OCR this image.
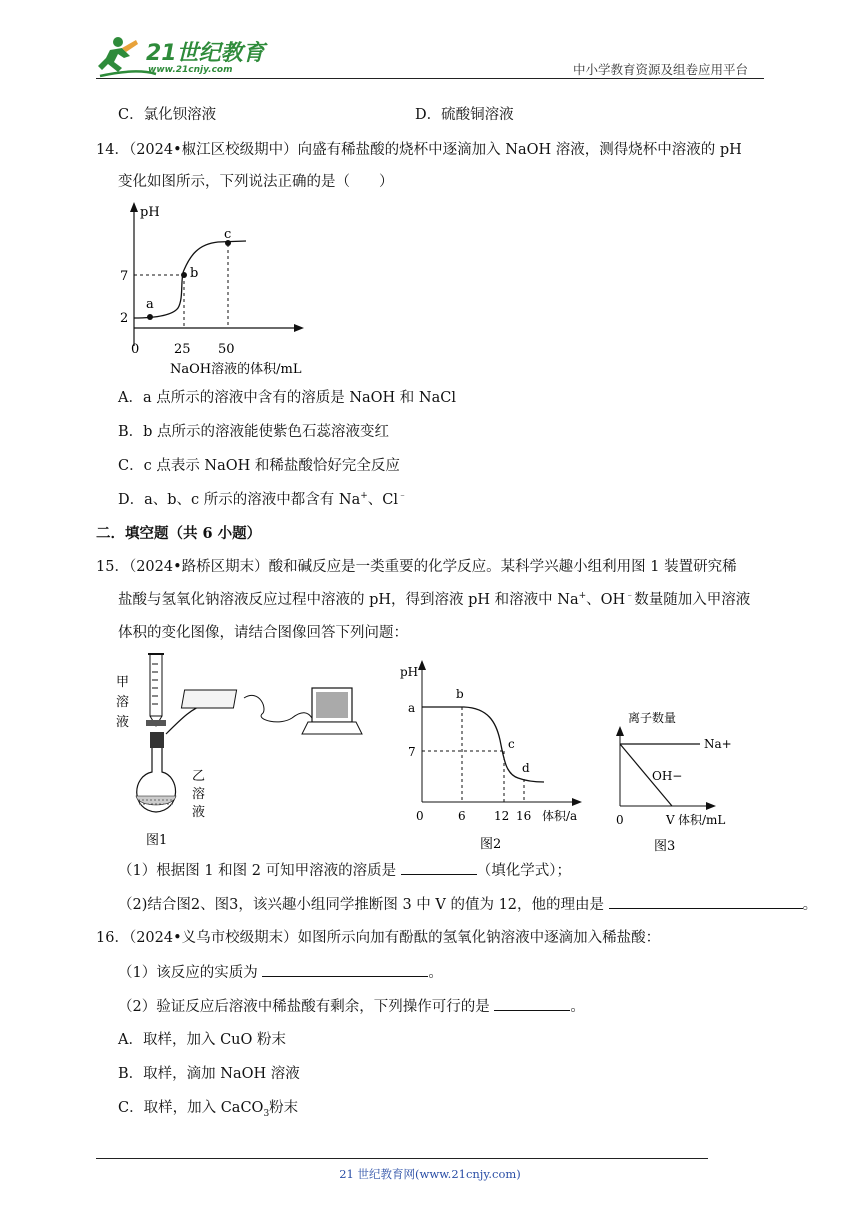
21世纪教育
www.21cnjy.com	中小学教育资源及组卷应用平台
C．氯化钡溶液	D．硫酸铜溶液
14．（2024•椒江区校级期中）向盛有稀盐酸的烧杯中逐滴加入 NaOH 溶液，测得烧杯中溶液的 pH
变化如图所示，下列说法正确的是（　　）
a
b
c
pH
7
2
0	25 50
NaOH溶液的体积/mL
A．a 点所示的溶液中含有的溶质是 NaOH 和 NaCl
B．b 点所示的溶液能使紫色石蕊溶液变红
C．c 点表示 NaOH 和稀盐酸恰好完全反应
D．a、b、c 所示的溶液中都含有 Na+、Cl﹣
二．填空题（共 6 小题）
15．（2024•路桥区期末）酸和碱反应是一类重要的化学反应。某科学兴趣小组利用图 1 装置研究稀
盐酸与氢氧化钠溶液反应过程中溶液的 pH，得到溶液 pH 和溶液中 Na+、OH﹣数量随加入甲溶液
体积的变化图像，请结合图像回答下列问题：
甲
溶
液
乙
溶
液
图1
pH
a
7
b
c
d
0	6 12 16 体积/a
图2
离子数量
Na+
OH−
0	V 体积/mL
图3
（1）根据图 1 和图 2 可知甲溶液的溶质是	（填化学式）；
（2)结合图2、图3，该兴趣小组同学推断图 3 中 V 的值为 12，他的理由是	。
16．（2024•义乌市校级期末）如图所示向加有酚酞的氢氧化钠溶液中逐滴加入稀盐酸：
（1）该反应的实质为	。
（2）验证反应后溶液中稀盐酸有剩余，下列操作可行的是	。
A．取样，加入 CuO 粉末
B．取样，滴加 NaOH 溶液
C．取样，加入 CaCO$_3$粉末
21 世纪教育网(www.21cnjy.com)
